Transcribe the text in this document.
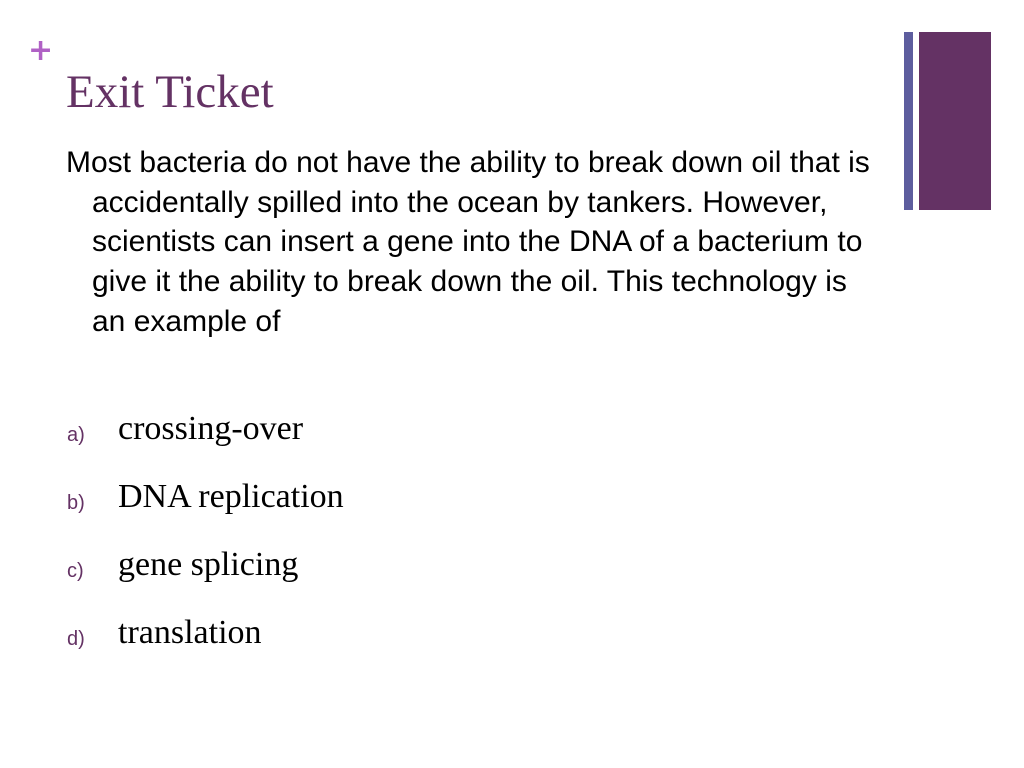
+
Exit Ticket

Most bacteria do not have the ability to break down oil that is accidentally spilled into the ocean by tankers. However, scientists can insert a gene into the DNA of a bacterium to give it the ability to break down the oil. This technology is an example of

a) crossing-over
b) DNA replication
c) gene splicing
d) translation
